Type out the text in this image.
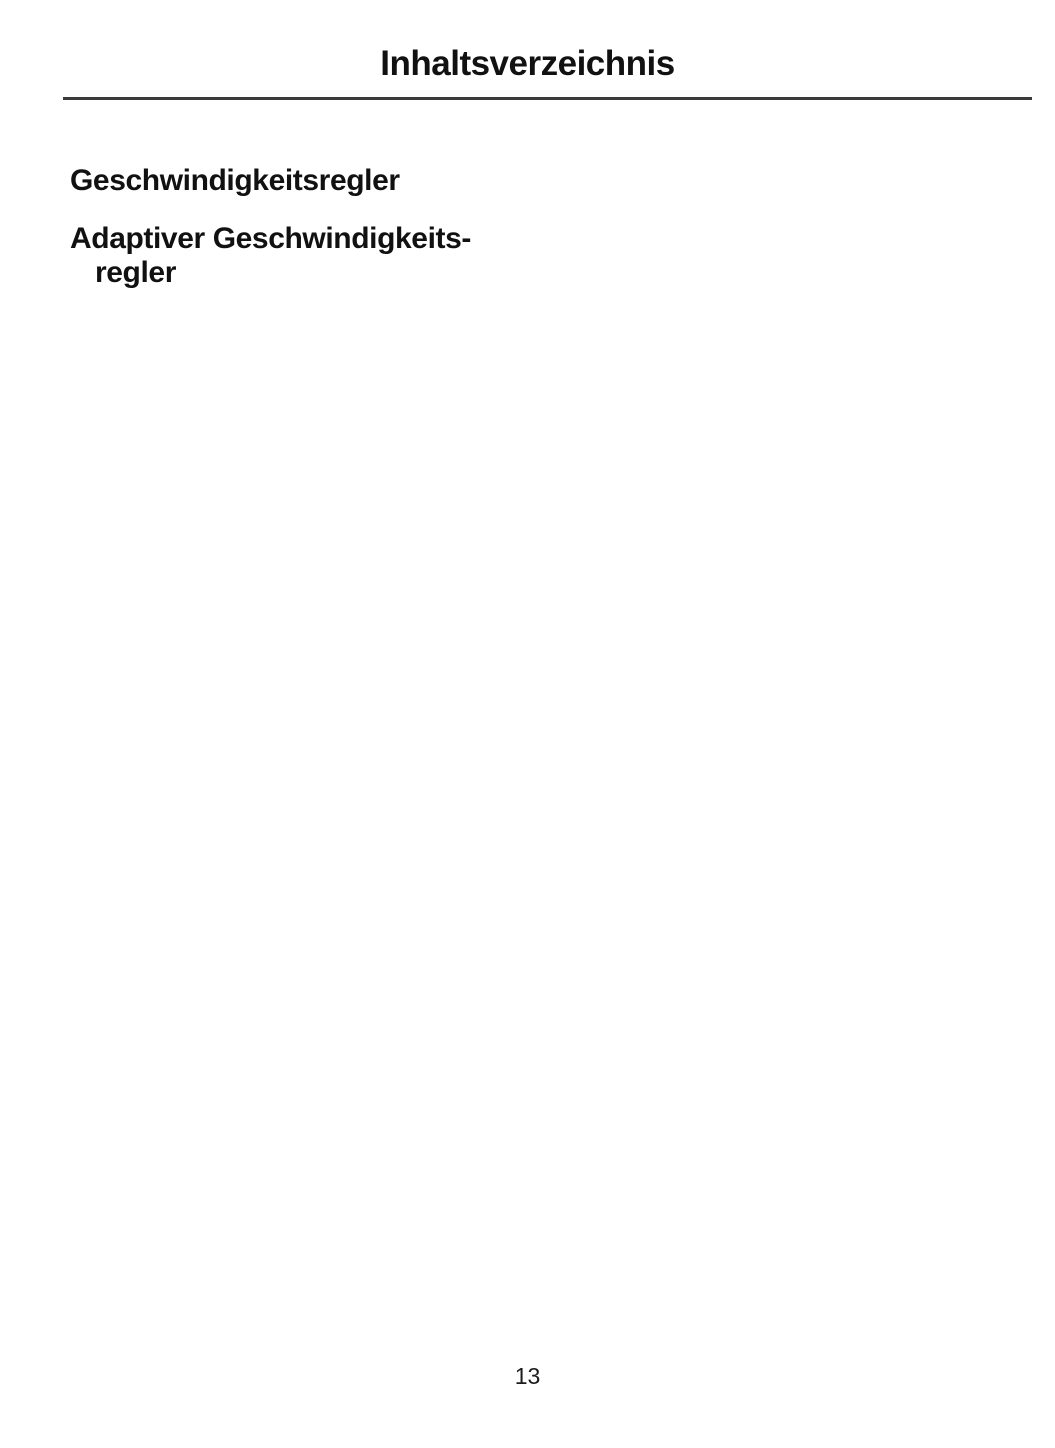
Inhaltsverzeichnis
Geschwindigkeitsregler
Adaptiver Geschwindigkeits-
regler
13
